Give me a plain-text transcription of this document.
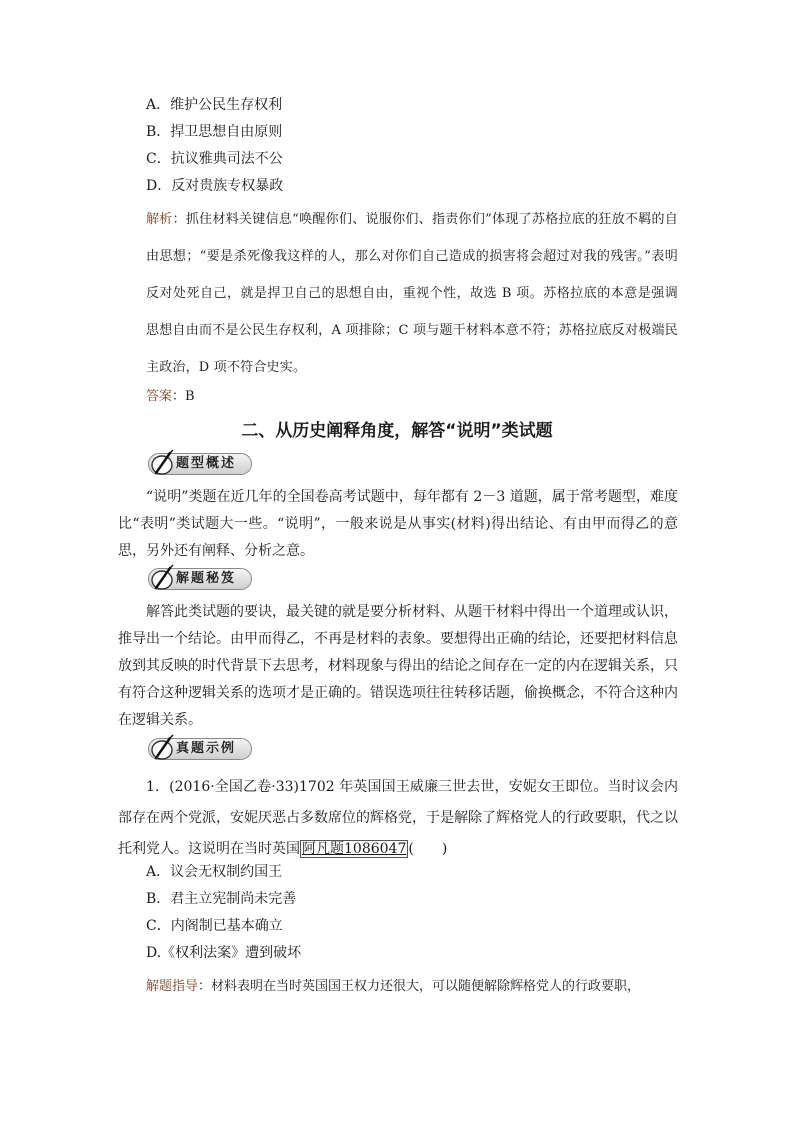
A．维护公民生存权利
B．捍卫思想自由原则
C．抗议雅典司法不公
D．反对贵族专权暴政
解析：抓住材料关键信息“唤醒你们、说服你们、指责你们”体现了苏格拉底的狂放不羁的自由思想；“要是杀死像我这样的人，那么对你们自己造成的损害将会超过对我的残害。”表明反对处死自己，就是捍卫自己的思想自由，重视个性，故选 B 项。苏格拉底的本意是强调思想自由而不是公民生存权利，A 项排除；C 项与题干材料本意不符；苏格拉底反对极端民主政治，D 项不符合史实。
答案：B
二、从历史阐释角度，解答“说明”类试题
题型概述
“说明”类题在近几年的全国卷高考试题中，每年都有 2－3 道题，属于常考题型，难度比“表明”类试题大一些。“说明”，一般来说是从事实(材料)得出结论、有由甲而得乙的意思，另外还有阐释、分析之意。
解题秘笈
解答此类试题的要诀，最关键的就是要分析材料、从题干材料中得出一个道理或认识，推导出一个结论。由甲而得乙，不再是材料的表象。要想得出正确的结论，还要把材料信息放到其反映的时代背景下去思考，材料现象与得出的结论之间存在一定的内在逻辑关系，只有符合这种逻辑关系的选项才是正确的。错误选项往往转移话题，偷换概念，不符合这种内在逻辑关系。
真题示例
1．(2016·全国乙卷·33)1702 年英国国王威廉三世去世，安妮女王即位。当时议会内部存在两个党派，安妮厌恶占多数席位的辉格党，于是解除了辉格党人的行政要职，代之以托利党人。这说明在当时英国 阿凡题1086047 (　　)
A．议会无权制约国王
B．君主立宪制尚未完善
C．内阁制已基本确立
D.《权利法案》遭到破坏
解题指导：材料表明在当时英国国王权力还很大，可以随便解除辉格党人的行政要职，
